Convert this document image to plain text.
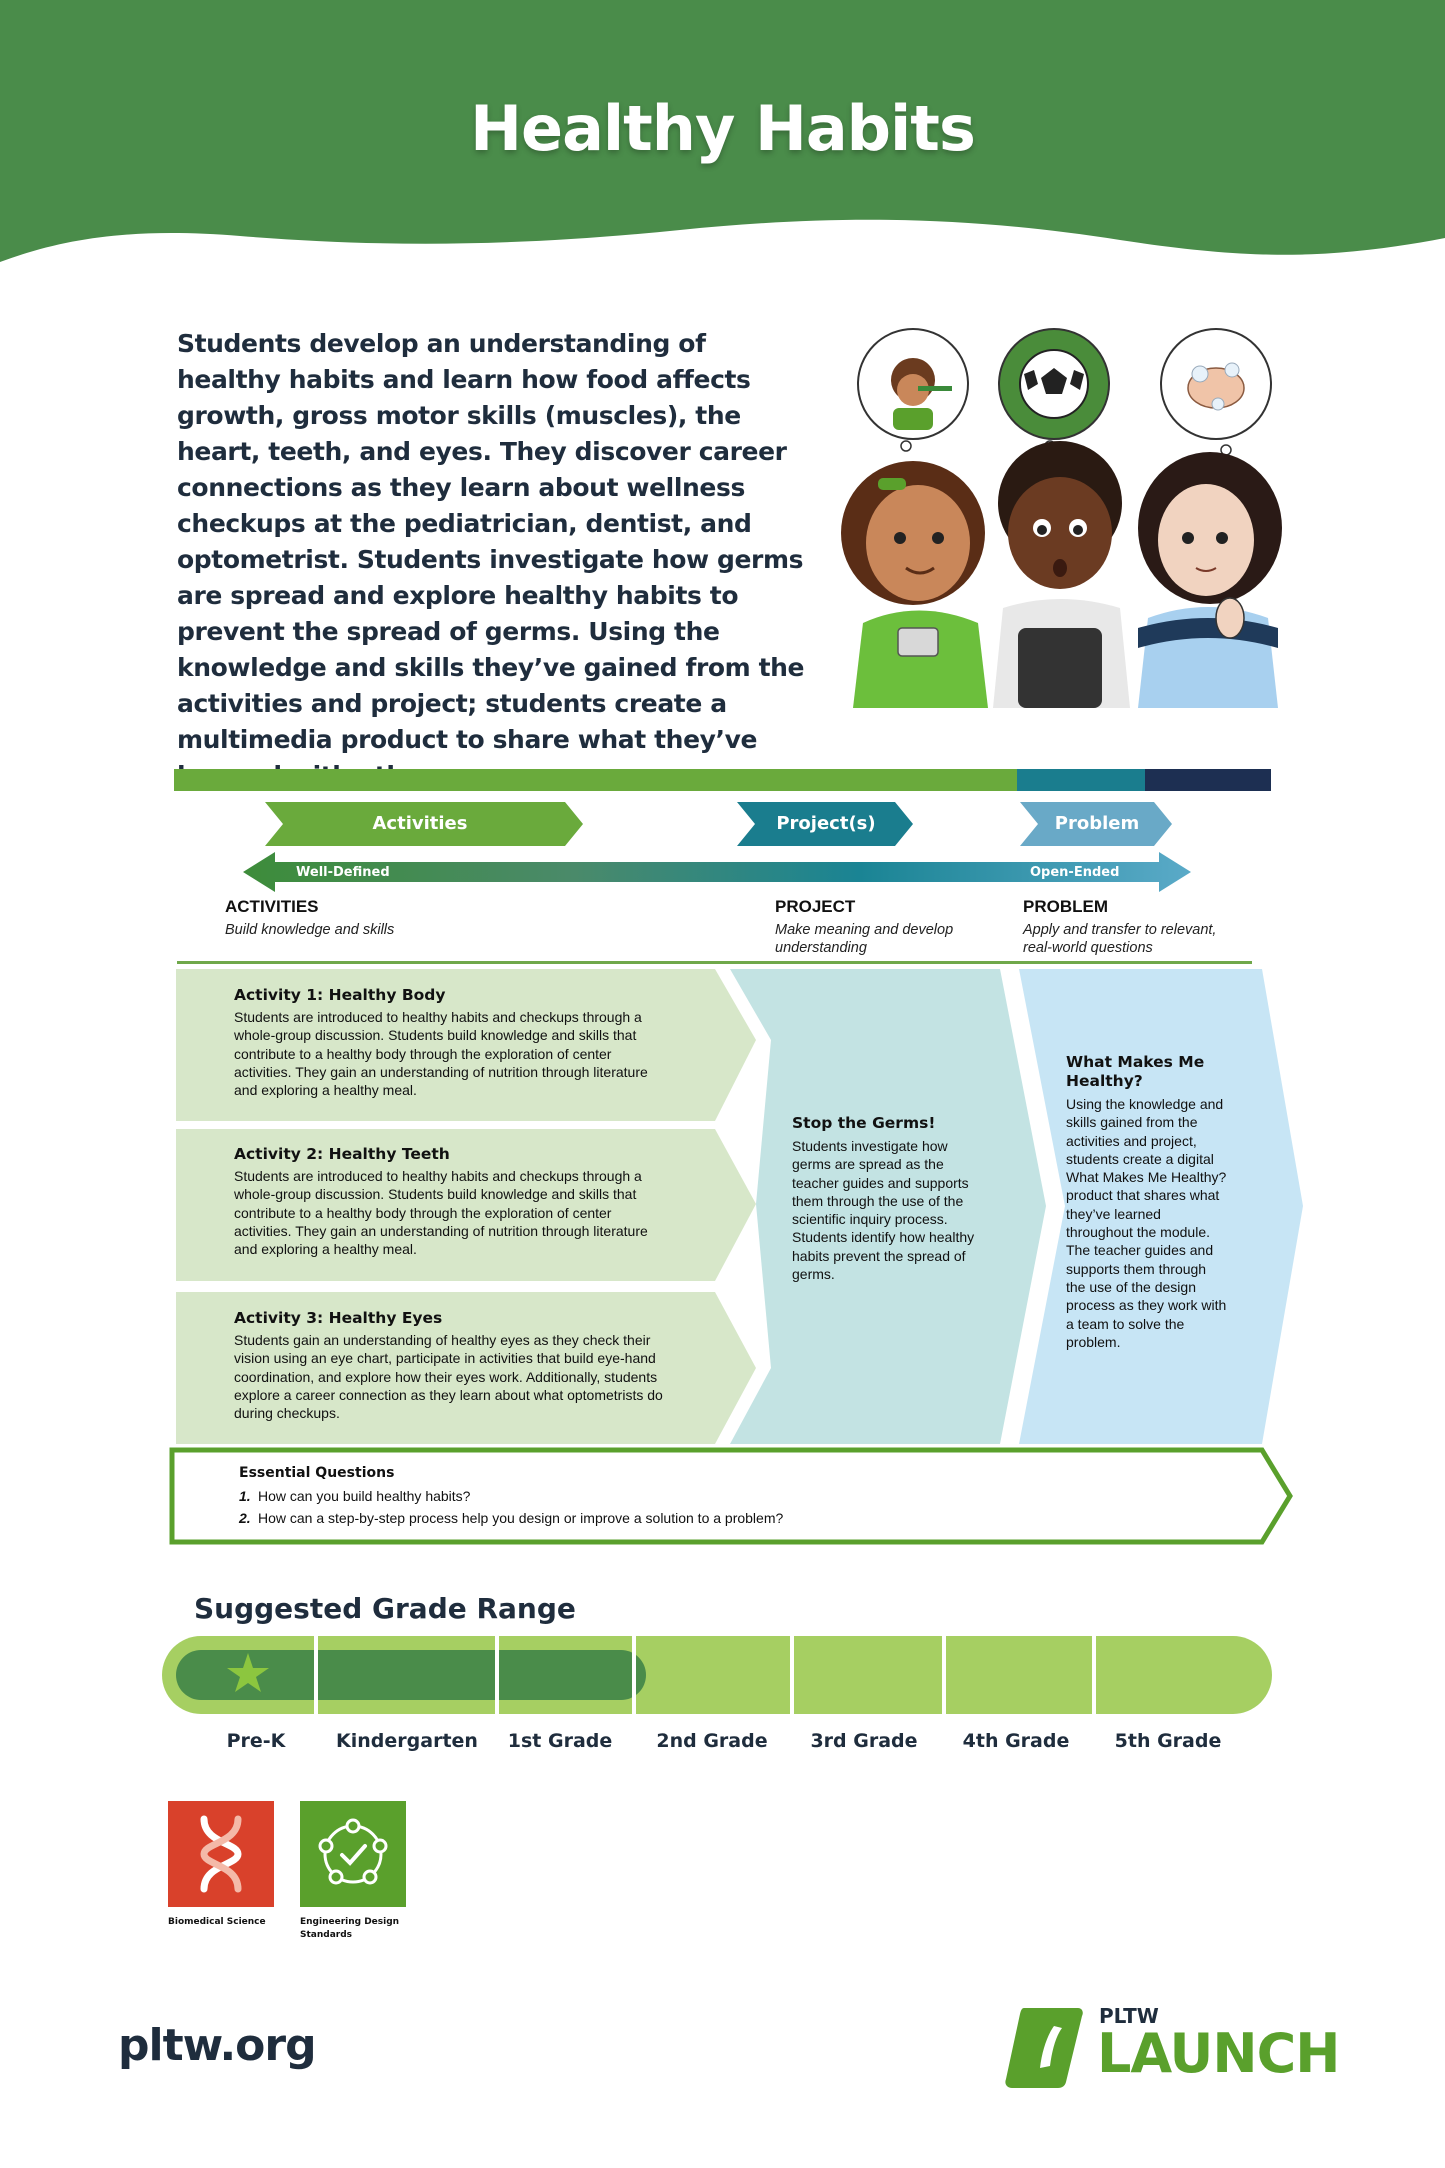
Healthy Habits
Students develop an understanding of healthy habits and learn how food affects growth, gross motor skills (muscles), the heart, teeth, and eyes. They discover career connections as they learn about wellness checkups at the pediatrician, dentist, and optometrist. Students investigate how germs are spread and explore healthy habits to prevent the spread of germs. Using the knowledge and skills they’ve gained from the activities and project; students create a multimedia product to share what they’ve
Activities	Project(s)	Problem
Well-Defined	Open-Ended
ACTIVITIES
Build knowledge and skills
PROJECT
Make meaning and develop
understanding
PROBLEM
Apply and transfer to relevant,
real-world questions
Activity 1: Healthy Body
Students are introduced to healthy habits and checkups through a
whole-group discussion. Students build knowledge and skills that
contribute to a healthy body through the exploration of center
activities. They gain an understanding of nutrition through literature
and exploring a healthy meal.
Activity 2: Healthy Teeth
Students are introduced to healthy habits and checkups through a
whole-group discussion. Students build knowledge and skills that
contribute to a healthy body through the exploration of center
activities. They gain an understanding of nutrition through literature
and exploring a healthy meal.
Activity 3: Healthy Eyes
Students gain an understanding of healthy eyes as they check their
vision using an eye chart, participate in activities that build eye-hand
coordination, and explore how their eyes work. Additionally, students
explore a career connection as they learn about what optometrists do
during checkups.
Stop the Germs!
Students investigate how
germs are spread as the
teacher guides and supports
them through the use of the
scientific inquiry process.
Students identify how healthy
habits prevent the spread of
germs.
What Makes Me
Healthy?
Using the knowledge and
skills gained from the
activities and project,
students create a digital
What Makes Me Healthy?
product that shares what
they’ve learned
throughout the module.
The teacher guides and
supports them through
the use of the design
process as they work with
a team to solve the
problem.
Essential Questions
1. How can you build healthy habits?
2. How can a step-by-step process help you design or improve a solution to a problem?
Suggested Grade Range
Pre-K	Kindergarten	1st Grade	2nd Grade	3rd Grade	4th Grade	5th Grade
Biomedical Science	Engineering Design
Standards
pltw.org
PLTW
LAUNCH
